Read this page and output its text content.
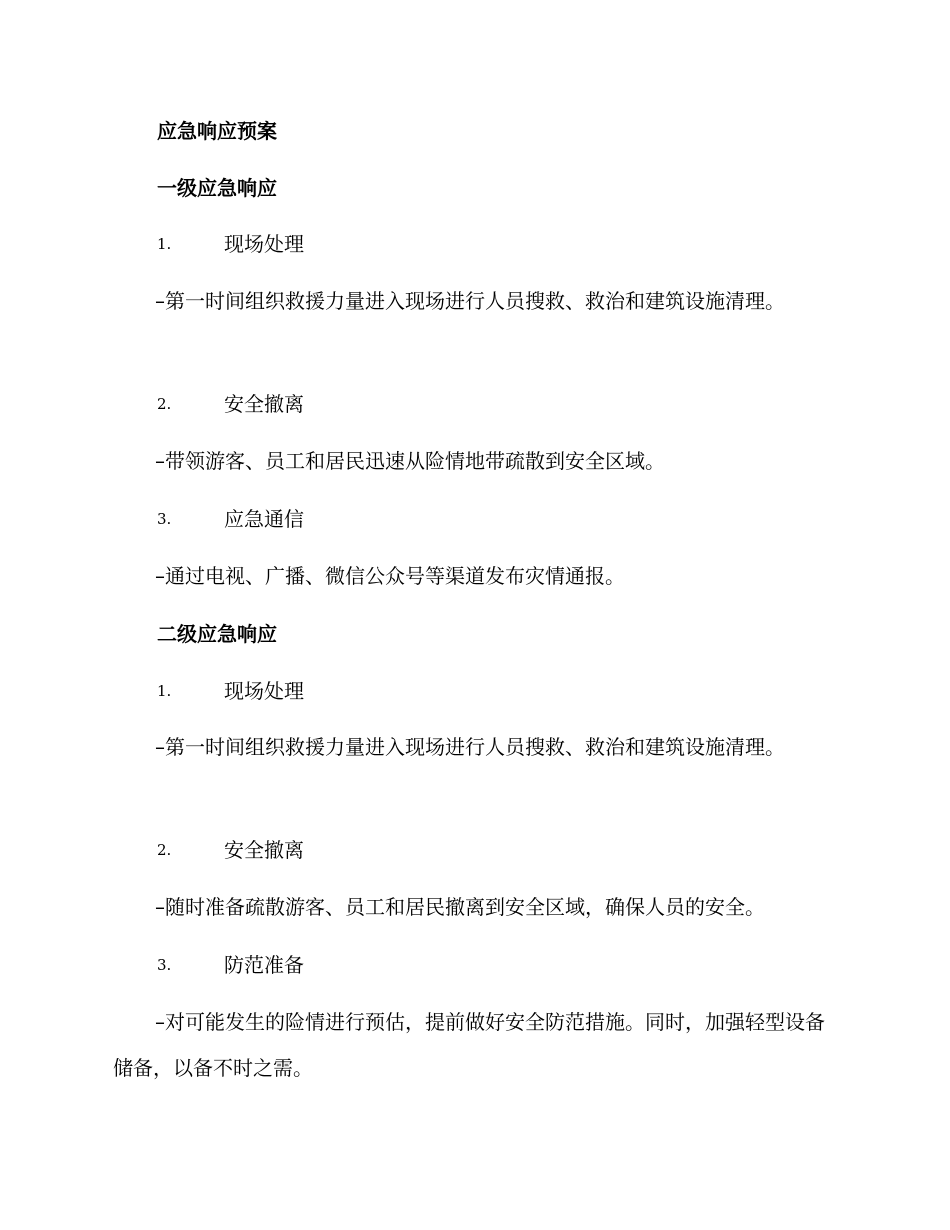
应急响应预案
一级应急响应
1.	现场处理
–第一时间组织救援力量进入现场进行人员搜救、救治和建筑设施清理。
2.	安全撤离
–带领游客、员工和居民迅速从险情地带疏散到安全区域。
3.	应急通信
–通过电视、广播、微信公众号等渠道发布灾情通报。
二级应急响应
1.	现场处理
–第一时间组织救援力量进入现场进行人员搜救、救治和建筑设施清理。
2.	安全撤离
–随时准备疏散游客、员工和居民撤离到安全区域，确保人员的安全。
3.	防范准备
–对可能发生的险情进行预估，提前做好安全防范措施。同时，加强轻型设备储备，以备不时之需。
